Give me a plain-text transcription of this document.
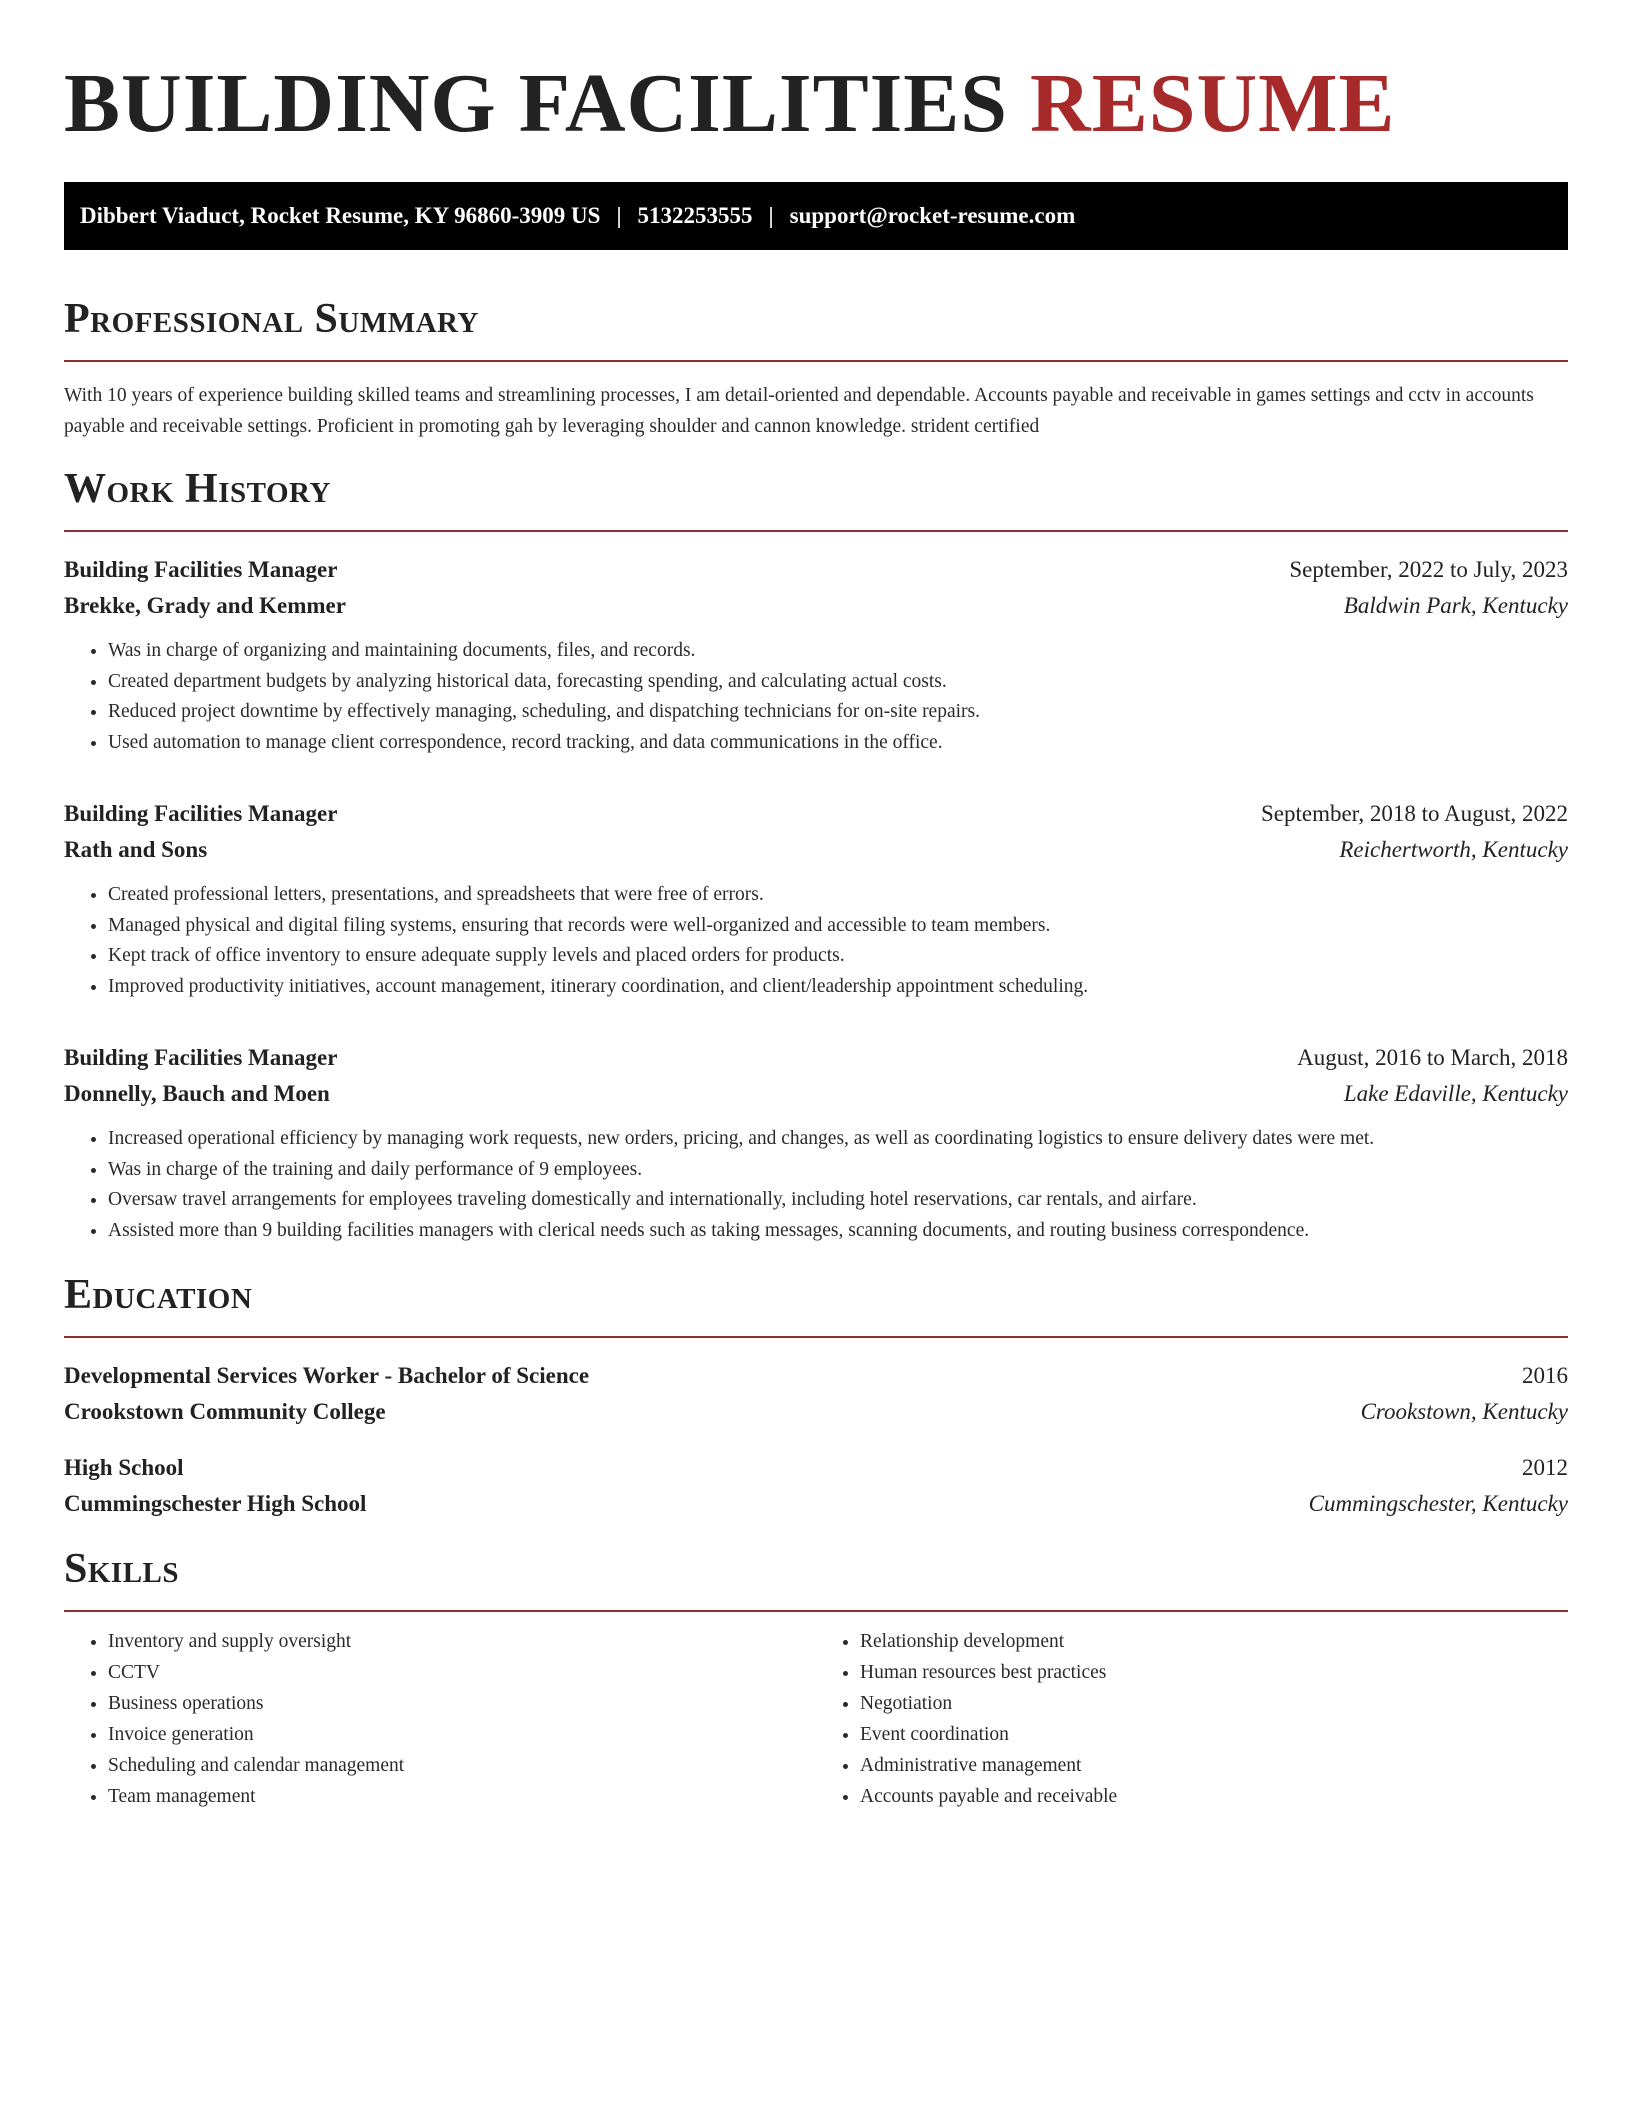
BUILDING FACILITIES RESUME
Dibbert Viaduct, Rocket Resume, KY 96860-3909 US | 5132253555 | support@rocket-resume.com
Professional Summary

With 10 years of experience building skilled teams and streamlining processes, I am detail-oriented and dependable. Accounts payable and receivable in games settings and cctv in accounts payable and receivable settings. Proficient in promoting gah by leveraging shoulder and cannon knowledge. strident certified

Work History
Building Facilities Manager	September, 2022 to July, 2023
Brekke, Grady and Kemmer	Baldwin Park, Kentucky
• Was in charge of organizing and maintaining documents, files, and records.
• Created department budgets by analyzing historical data, forecasting spending, and calculating actual costs.
• Reduced project downtime by effectively managing, scheduling, and dispatching technicians for on-site repairs.
• Used automation to manage client correspondence, record tracking, and data communications in the office.
Building Facilities Manager	September, 2018 to August, 2022
Rath and Sons	Reichertworth, Kentucky
• Created professional letters, presentations, and spreadsheets that were free of errors.
• Managed physical and digital filing systems, ensuring that records were well-organized and accessible to team members.
• Kept track of office inventory to ensure adequate supply levels and placed orders for products.
• Improved productivity initiatives, account management, itinerary coordination, and client/leadership appointment scheduling.
Building Facilities Manager	August, 2016 to March, 2018
Donnelly, Bauch and Moen	Lake Edaville, Kentucky
• Increased operational efficiency by managing work requests, new orders, pricing, and changes, as well as coordinating logistics to ensure delivery dates were met.
• Was in charge of the training and daily performance of 9 employees.
• Oversaw travel arrangements for employees traveling domestically and internationally, including hotel reservations, car rentals, and airfare.
• Assisted more than 9 building facilities managers with clerical needs such as taking messages, scanning documents, and routing business correspondence.
Education
Developmental Services Worker - Bachelor of Science	2016
Crookstown Community College	Crookstown, Kentucky
High School	2012
Cummingschester High School	Cummingschester, Kentucky
Skills
• Inventory and supply oversight
• CCTV
• Business operations
• Invoice generation
• Scheduling and calendar management
• Team management
• Relationship development
• Human resources best practices
• Negotiation
• Event coordination
• Administrative management
• Accounts payable and receivable
